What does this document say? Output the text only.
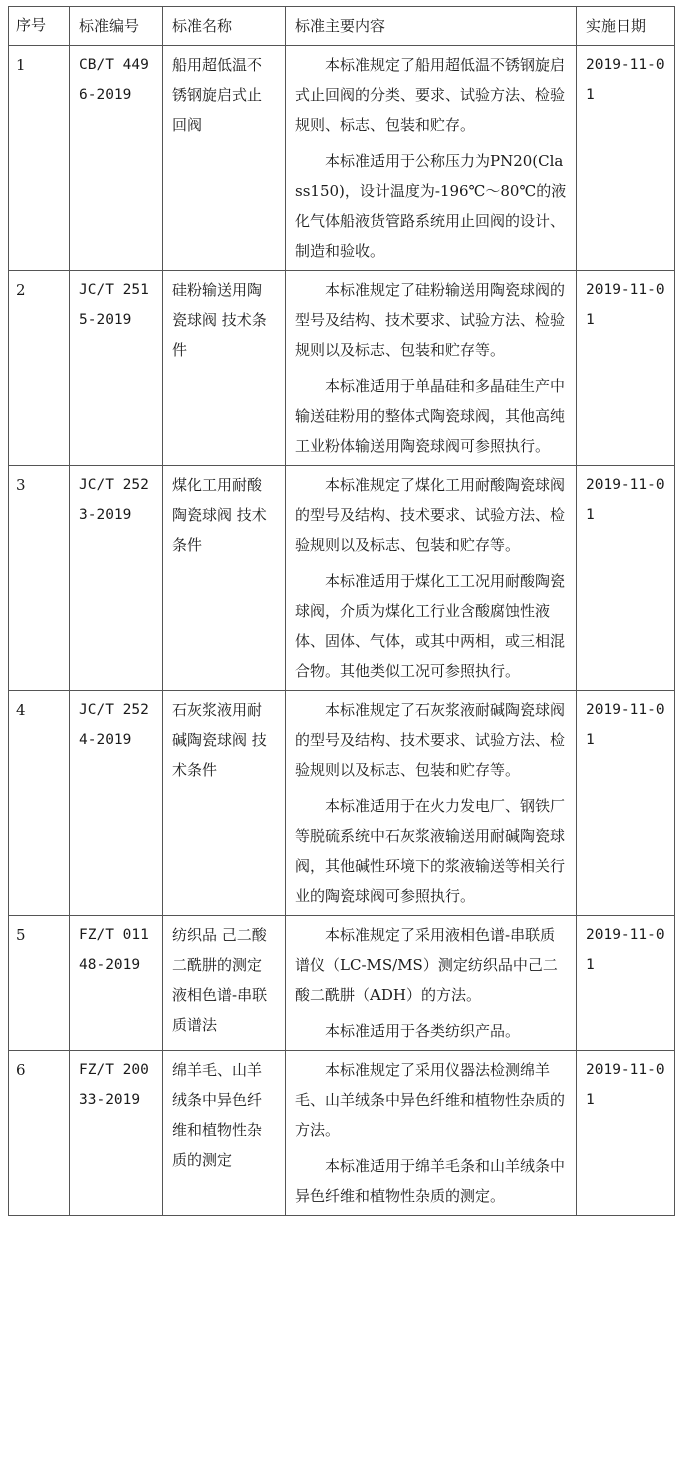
序号	标准编号	标准名称	标准主要内容	实施日期
1	CB/T 4496-2019	船用超低温不锈钢旋启式止回阀	本标准规定了船用超低温不锈钢旋启式止回阀的分类、要求、试验方法、检验规则、标志、包装和贮存。

本标准适用于公称压力为PN20(Class150)，设计温度为-196℃～80℃的液化气体船液货管路系统用止回阀的设计、制造和验收。	2019-11-01
2	JC/T 2515-2019	硅粉输送用陶瓷球阀 技术条件	本标准规定了硅粉输送用陶瓷球阀的型号及结构、技术要求、试验方法、检验规则以及标志、包装和贮存等。

本标准适用于单晶硅和多晶硅生产中输送硅粉用的整体式陶瓷球阀，其他高纯工业粉体输送用陶瓷球阀可参照执行。	2019-11-01
3	JC/T 2523-2019	煤化工用耐酸陶瓷球阀 技术条件	本标准规定了煤化工用耐酸陶瓷球阀的型号及结构、技术要求、试验方法、检验规则以及标志、包装和贮存等。

本标准适用于煤化工工况用耐酸陶瓷球阀，介质为煤化工行业含酸腐蚀性液体、固体、气体，或其中两相，或三相混合物。其他类似工况可参照执行。	2019-11-01
4	JC/T 2524-2019	石灰浆液用耐碱陶瓷球阀 技术条件	本标准规定了石灰浆液耐碱陶瓷球阀的型号及结构、技术要求、试验方法、检验规则以及标志、包装和贮存等。

本标准适用于在火力发电厂、钢铁厂等脱硫系统中石灰浆液输送用耐碱陶瓷球阀，其他碱性环境下的浆液输送等相关行业的陶瓷球阀可参照执行。	2019-11-01
5	FZ/T 01148-2019	纺织品 己二酸二酰肼的测定 液相色谱-串联质谱法	本标准规定了采用液相色谱-串联质谱仪（LC-MS/MS）测定纺织品中己二酸二酰肼（ADH）的方法。

本标准适用于各类纺织产品。	2019-11-01
6	FZ/T 20033-2019	绵羊毛、山羊绒条中异色纤维和植物性杂质的测定	本标准规定了采用仪器法检测绵羊毛、山羊绒条中异色纤维和植物性杂质的方法。

本标准适用于绵羊毛条和山羊绒条中异色纤维和植物性杂质的测定。	2019-11-01
